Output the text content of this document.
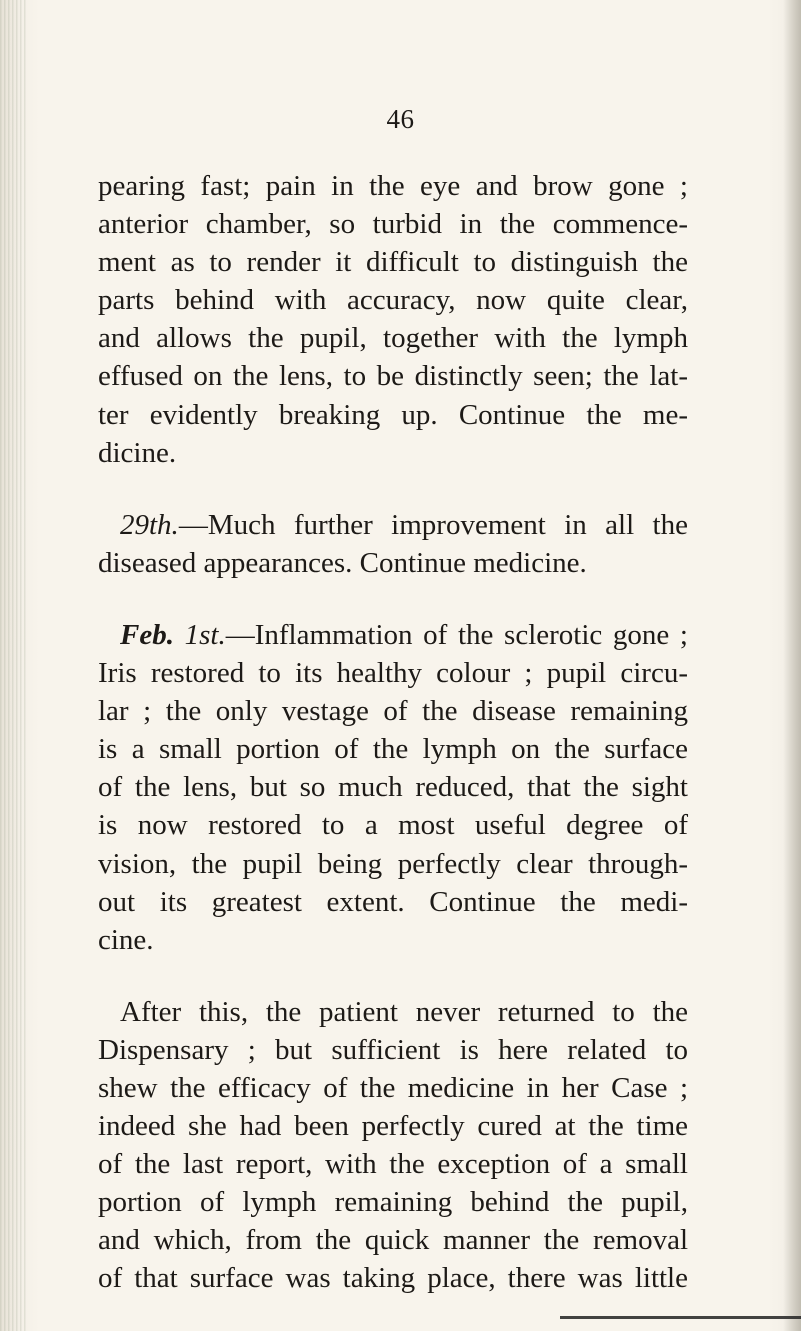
46

pearing fast; pain in the eye and brow gone ;
anterior chamber, so turbid in the commence-
ment as to render it difficult to distinguish the
parts behind with accuracy, now quite clear,
and allows the pupil, together with the lymph
effused on the lens, to be distinctly seen; the lat-
ter evidently breaking up. Continue the me-
dicine.

29th.—Much further improvement in all the
diseased appearances. Continue medicine.

Feb. 1st.—Inflammation of the sclerotic gone ;
Iris restored to its healthy colour ; pupil circu-
lar ; the only vestage of the disease remaining
is a small portion of the lymph on the surface
of the lens, but so much reduced, that the sight
is now restored to a most useful degree of
vision, the pupil being perfectly clear through-
out its greatest extent. Continue the medi-
cine.

After this, the patient never returned to the
Dispensary ; but sufficient is here related to
shew the efficacy of the medicine in her Case ;
indeed she had been perfectly cured at the time
of the last report, with the exception of a small
portion of lymph remaining behind the pupil,
and which, from the quick manner the removal
of that surface was taking place, there was little
